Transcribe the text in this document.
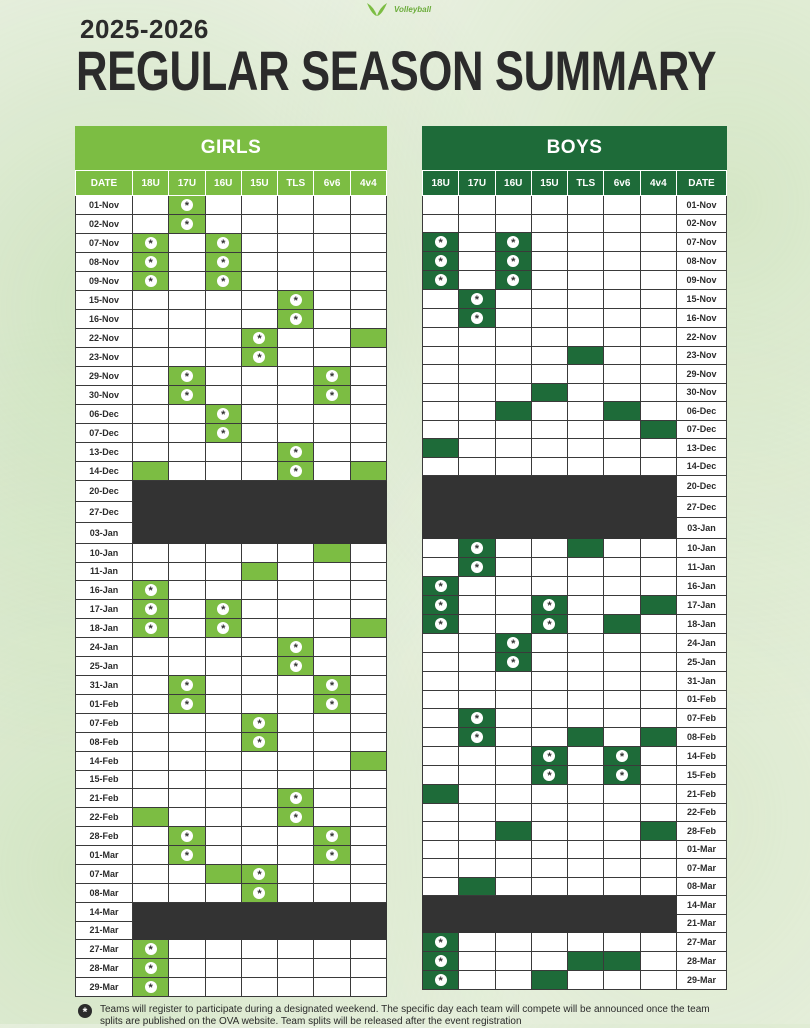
Volleyball
2025-2026
REGULAR SEASON SUMMARY
GIRLS
DATE	18U	17U	16U	15U	TLS	6v6	4v4
01-Nov		*					
02-Nov		*					
07-Nov	*		*				
08-Nov	*		*				
09-Nov	*		*				
15-Nov					*		
16-Nov					*		
22-Nov				*			
23-Nov				*			
29-Nov		*				*	
30-Nov		*				*	
06-Dec			*				
07-Dec			*				
13-Dec					*		
14-Dec					*		
20-Dec							
27-Dec							
03-Jan							
10-Jan							
11-Jan							
16-Jan	*						
17-Jan	*		*				
18-Jan	*		*				
24-Jan					*		
25-Jan					*		
31-Jan		*				*	
01-Feb		*				*	
07-Feb				*			
08-Feb				*			
14-Feb							
15-Feb							
21-Feb					*		
22-Feb					*		
28-Feb		*				*	
01-Mar		*				*	
07-Mar				*			
08-Mar				*			
14-Mar							
21-Mar							
27-Mar	*						
28-Mar	*						
29-Mar	*						
BOYS
18U	17U	16U	15U	TLS	6v6	4v4	DATE
							01-Nov
							02-Nov
*		*					07-Nov
*		*					08-Nov
*		*					09-Nov
	*						15-Nov
	*						16-Nov
							22-Nov
							23-Nov
							29-Nov
							30-Nov
							06-Dec
							07-Dec
							13-Dec
							14-Dec
							20-Dec
							27-Dec
							03-Jan
	*						10-Jan
	*						11-Jan
*							16-Jan
*			*				17-Jan
*			*				18-Jan
		*					24-Jan
		*					25-Jan
							31-Jan
							01-Feb
	*						07-Feb
	*						08-Feb
			*		*		14-Feb
			*		*		15-Feb
							21-Feb
							22-Feb
							28-Feb
							01-Mar
							07-Mar
							08-Mar
							14-Mar
							21-Mar
*							27-Mar
*							28-Mar
*							29-Mar
*	Teams will register to participate during a designated weekend. The specific day each team will compete will be announced once the team splits are published on the OVA website. Team splits will be released after the event registration
